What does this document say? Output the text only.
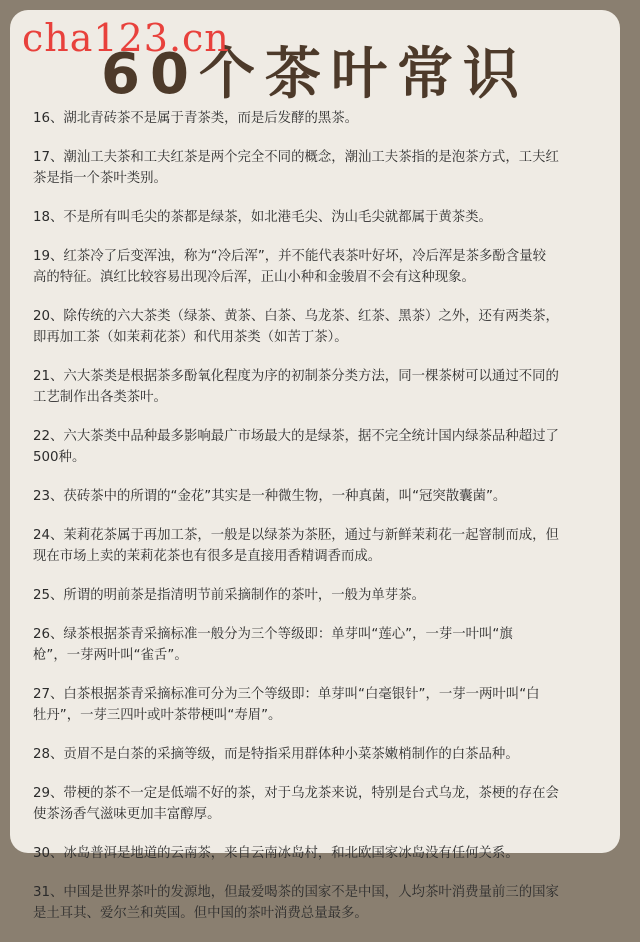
cha123.cn
60个茶叶常识

16、湖北青砖茶不是属于青茶类，而是后发酵的黑茶。

17、潮汕工夫茶和工夫红茶是两个完全不同的概念，潮汕工夫茶指的是泡茶方式，工夫红
茶是指一个茶叶类别。

18、不是所有叫毛尖的茶都是绿茶，如北港毛尖、沩山毛尖就都属于黄茶类。

19、红茶冷了后变浑浊，称为“冷后浑”，并不能代表茶叶好坏，冷后浑是茶多酚含量较
高的特征。滇红比较容易出现冷后浑，正山小种和金骏眉不会有这种现象。

20、除传统的六大茶类（绿茶、黄茶、白茶、乌龙茶、红茶、黑茶）之外，还有两类茶，
即再加工茶（如茉莉花茶）和代用茶类（如苦丁茶）。

21、六大茶类是根据茶多酚氧化程度为序的初制茶分类方法，同一棵茶树可以通过不同的
工艺制作出各类茶叶。

22、六大茶类中品种最多影响最广市场最大的是绿茶，据不完全统计国内绿茶品种超过了
500种。

23、茯砖茶中的所谓的“金花”其实是一种微生物，一种真菌，叫“冠突散囊菌”。

24、茉莉花茶属于再加工茶，一般是以绿茶为茶胚，通过与新鲜茉莉花一起窨制而成，但
现在市场上卖的茉莉花茶也有很多是直接用香精调香而成。

25、所谓的明前茶是指清明节前采摘制作的茶叶，一般为单芽茶。

26、绿茶根据茶青采摘标准一般分为三个等级即：单芽叫“莲心”，一芽一叶叫“旗
枪”，一芽两叶叫“雀舌”。

27、白茶根据茶青采摘标准可分为三个等级即：单芽叫“白毫银针”，一芽一两叶叫“白
牡丹”，一芽三四叶或叶茶带梗叫“寿眉”。

28、贡眉不是白茶的采摘等级，而是特指采用群体种小菜茶嫩梢制作的白茶品种。

29、带梗的茶不一定是低端不好的茶，对于乌龙茶来说，特别是台式乌龙，茶梗的存在会
使茶汤香气滋味更加丰富醇厚。

30、冰岛普洱是地道的云南茶，来自云南冰岛村，和北欧国家冰岛没有任何关系。

31、中国是世界茶叶的发源地，但最爱喝茶的国家不是中国，人均茶叶消费量前三的国家
是土耳其、爱尔兰和英国。但中国的茶叶消费总量最多。
